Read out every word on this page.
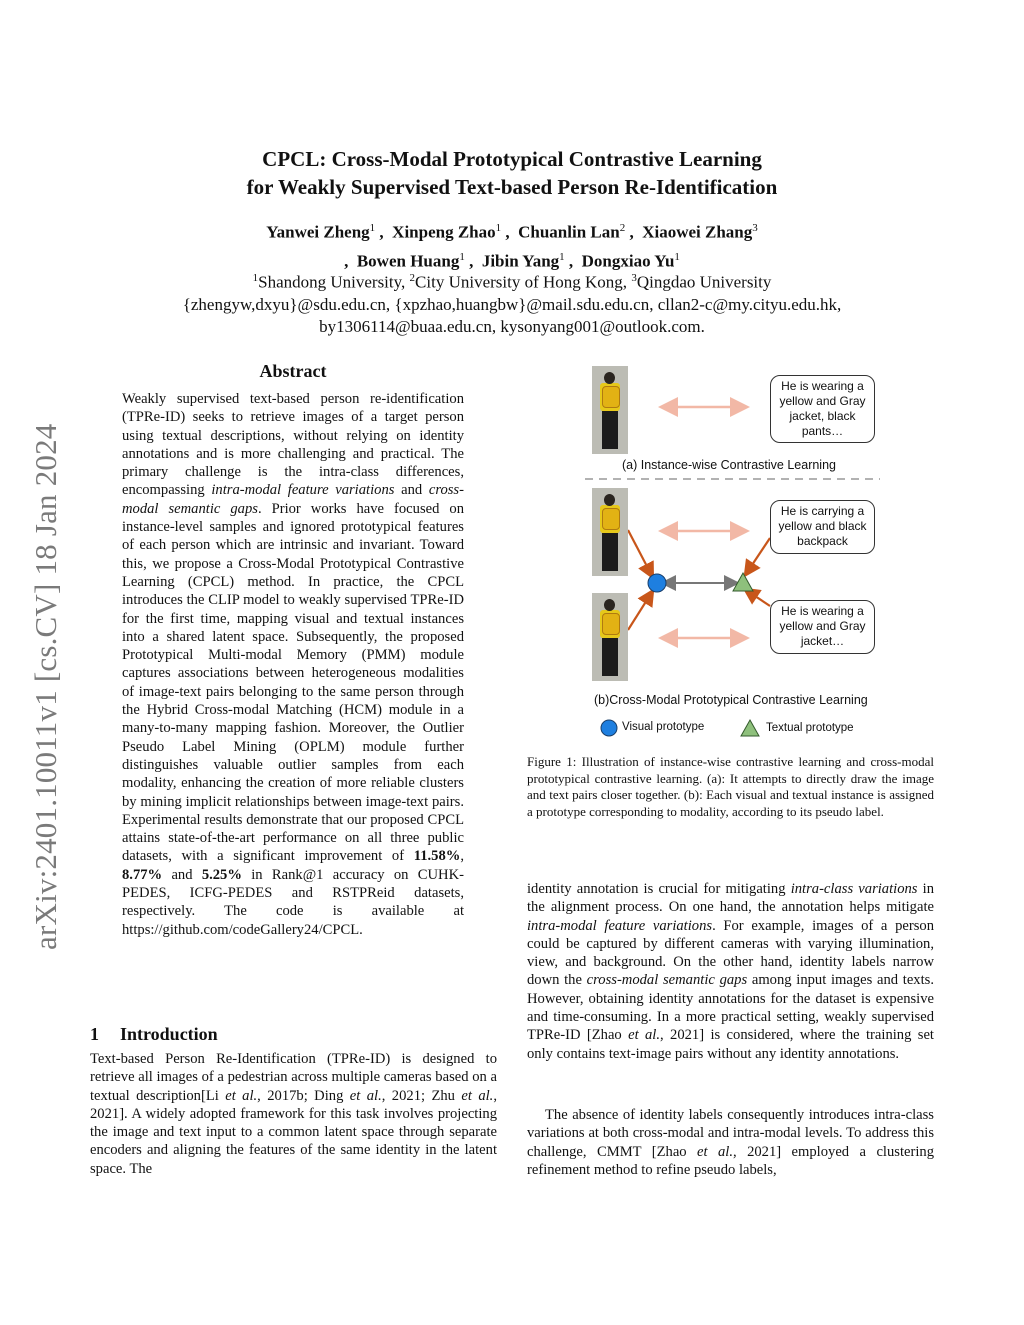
arXiv:2401.10011v1 [cs.CV] 18 Jan 2024
CPCL: Cross-Modal Prototypical Contrastive Learning
for Weakly Supervised Text-based Person Re-Identification
Yanwei Zheng$^1$ ,  Xinpeng Zhao$^1$ ,  Chuanlin Lan$^2$ ,  Xiaowei Zhang$^3$
,  Bowen Huang$^1$ ,  Jibin Yang$^1$ ,  Dongxiao Yu$^1$
$^1$Shandong University, $^2$City University of Hong Kong, $^3$Qingdao University
{zhengyw,dxyu}@sdu.edu.cn, {xpzhao,huangbw}@mail.sdu.edu.cn, cllan2-c@my.cityu.edu.hk,
by1306114@buaa.edu.cn, kysonyang001@outlook.com.
Abstract
Weakly supervised text-based person re-identification (TPRe-ID) seeks to retrieve images of a target person using textual descriptions, without relying on identity annotations and is more challenging and practical. The primary challenge is the intra-class differences, encompassing intra-modal feature variations and cross-modal semantic gaps. Prior works have focused on instance-level samples and ignored prototypical features of each person which are intrinsic and invariant. Toward this, we propose a Cross-Modal Prototypical Contrastive Learning (CPCL) method. In practice, the CPCL introduces the CLIP model to weakly supervised TPRe-ID for the first time, mapping visual and textual instances into a shared latent space. Subsequently, the proposed Prototypical Multi-modal Memory (PMM) module captures associations between heterogeneous modalities of image-text pairs belonging to the same person through the Hybrid Cross-modal Matching (HCM) module in a many-to-many mapping fashion. Moreover, the Outlier Pseudo Label Mining (OPLM) module further distinguishes valuable outlier samples from each modality, enhancing the creation of more reliable clusters by mining implicit relationships between image-text pairs. Experimental results demonstrate that our proposed CPCL attains state-of-the-art performance on all three public datasets, with a significant improvement of 11.58%, 8.77% and 5.25% in Rank@1 accuracy on CUHK-PEDES, ICFG-PEDES and RSTPReid datasets, respectively. The code is available at https://github.com/codeGallery24/CPCL.
1 Introduction
Text-based Person Re-Identification (TPRe-ID) is designed to retrieve all images of a pedestrian across multiple cameras based on a textual description[Li et al., 2017b; Ding et al., 2021; Zhu et al., 2021]. A widely adopted framework for this task involves projecting the image and text input to a common latent space through separate encoders and aligning the features of the same identity in the latent space. The
He is wearing a yellow and Gray jacket, black pants…
(a) Instance-wise Contrastive Learning
He is carrying a yellow and black backpack
He is wearing a yellow and Gray jacket…
(b)Cross-Modal Prototypical Contrastive Learning
Visual prototype	Textual prototype
Figure 1: Illustration of instance-wise contrastive learning and cross-modal prototypical contrastive learning. (a): It attempts to directly draw the image and text pairs closer together. (b): Each visual and textual instance is assigned a prototype corresponding to modality, according to its pseudo label.
identity annotation is crucial for mitigating intra-class variations in the alignment process. On one hand, the annotation helps mitigate intra-modal feature variations. For example, images of a person could be captured by different cameras with varying illumination, view, and background. On the other hand, identity labels narrow down the cross-modal semantic gaps among input images and texts. However, obtaining identity annotations for the dataset is expensive and time-consuming. In a more practical setting, weakly supervised TPRe-ID [Zhao et al., 2021] is considered, where the training set only contains text-image pairs without any identity annotations.
The absence of identity labels consequently introduces intra-class variations at both cross-modal and intra-modal levels. To address this challenge, CMMT [Zhao et al., 2021] employed a clustering refinement method to refine pseudo labels,
